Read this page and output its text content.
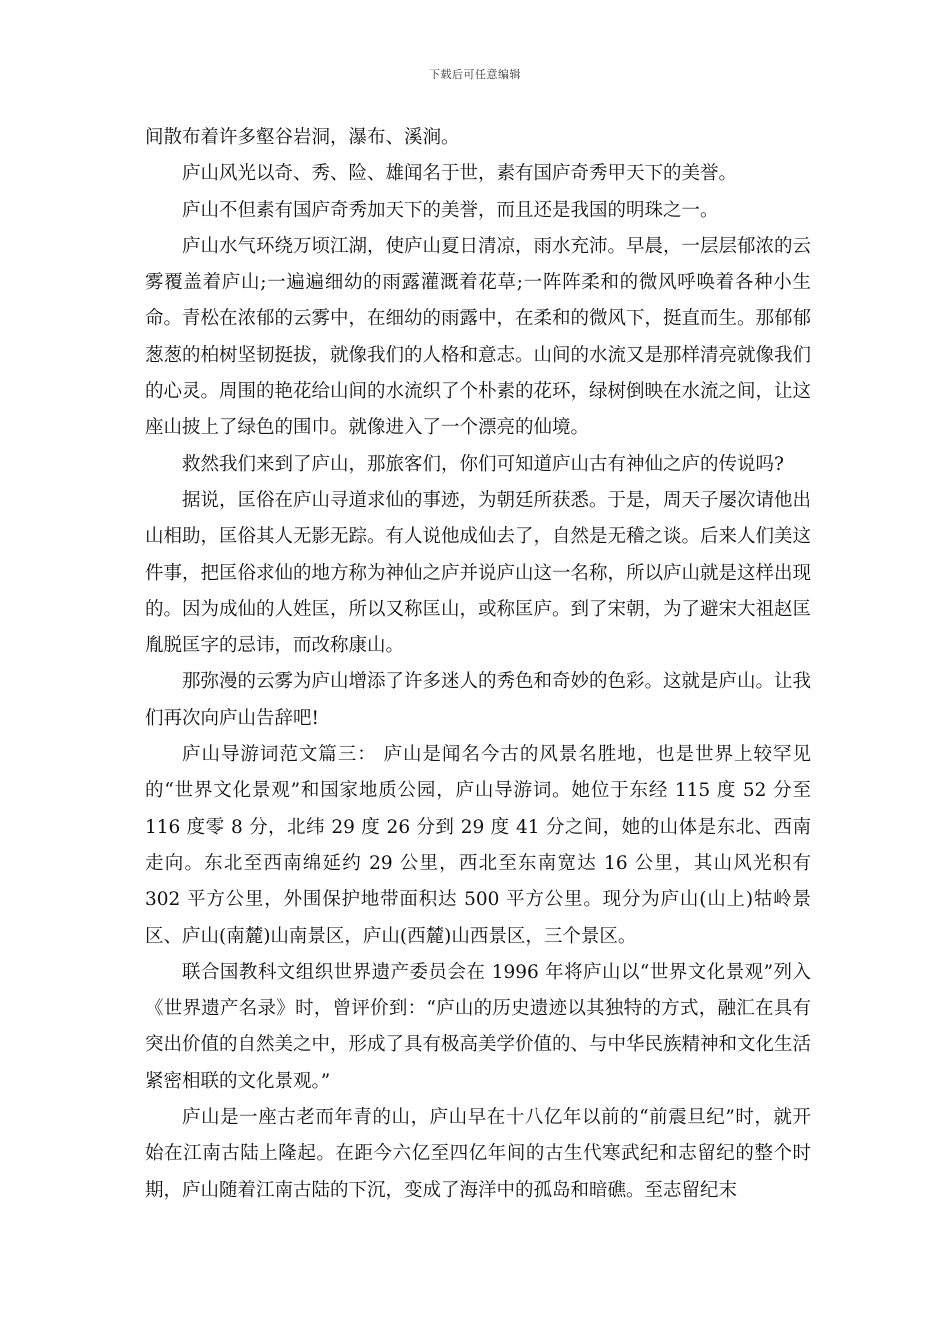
下载后可任意编辑

间散布着许多壑谷岩洞，瀑布、溪涧。

庐山风光以奇、秀、险、雄闻名于世，素有国庐奇秀甲天下的美誉。

庐山不但素有国庐奇秀加天下的美誉，而且还是我国的明珠之一。

庐山水气环绕万顷江湖，使庐山夏日清凉，雨水充沛。早晨，一层层郁浓的云雾覆盖着庐山;一遍遍细幼的雨露灌溉着花草;一阵阵柔和的微风呼唤着各种小生命。青松在浓郁的云雾中，在细幼的雨露中，在柔和的微风下，挺直而生。那郁郁葱葱的柏树坚韧挺拔，就像我们的人格和意志。山间的水流又是那样清亮就像我们的心灵。周围的艳花给山间的水流织了个朴素的花环，绿树倒映在水流之间，让这座山披上了绿色的围巾。就像进入了一个漂亮的仙境。

救然我们来到了庐山，那旅客们，你们可知道庐山古有神仙之庐的传说吗?

据说，匡俗在庐山寻道求仙的事迹，为朝廷所获悉。于是，周天子屡次请他出山相助，匡俗其人无影无踪。有人说他成仙去了，自然是无稽之谈。后来人们美这件事，把匡俗求仙的地方称为神仙之庐并说庐山这一名称，所以庐山就是这样出现的。因为成仙的人姓匡，所以又称匡山，或称匡庐。到了宋朝，为了避宋大祖赵匡胤脱匡字的忌讳，而改称康山。

那弥漫的云雾为庐山增添了许多迷人的秀色和奇妙的色彩。这就是庐山。让我们再次向庐山告辞吧!

庐山导游词范文篇三： 庐山是闻名今古的风景名胜地，也是世界上较罕见的“世界文化景观”和国家地质公园，庐山导游词。她位于东经 115 度 52 分至 116 度零 8 分，北纬 29 度 26 分到 29 度 41 分之间，她的山体是东北、西南走向。东北至西南绵延约 29 公里，西北至东南宽达 16 公里，其山风光积有 302 平方公里，外围保护地带面积达 500 平方公里。现分为庐山(山上)牯岭景区、庐山(南麓)山南景区，庐山(西麓)山西景区，三个景区。

联合国教科文组织世界遗产委员会在 1996 年将庐山以“世界文化景观”列入《世界遗产名录》时，曾评价到：“庐山的历史遗迹以其独特的方式，融汇在具有突出价值的自然美之中，形成了具有极高美学价值的、与中华民族精神和文化生活紧密相联的文化景观。”

庐山是一座古老而年青的山，庐山早在十八亿年以前的“前震旦纪”时，就开始在江南古陆上隆起。在距今六亿至四亿年间的古生代寒武纪和志留纪的整个时期，庐山随着江南古陆的下沉，变成了海洋中的孤岛和暗礁。至志留纪末
